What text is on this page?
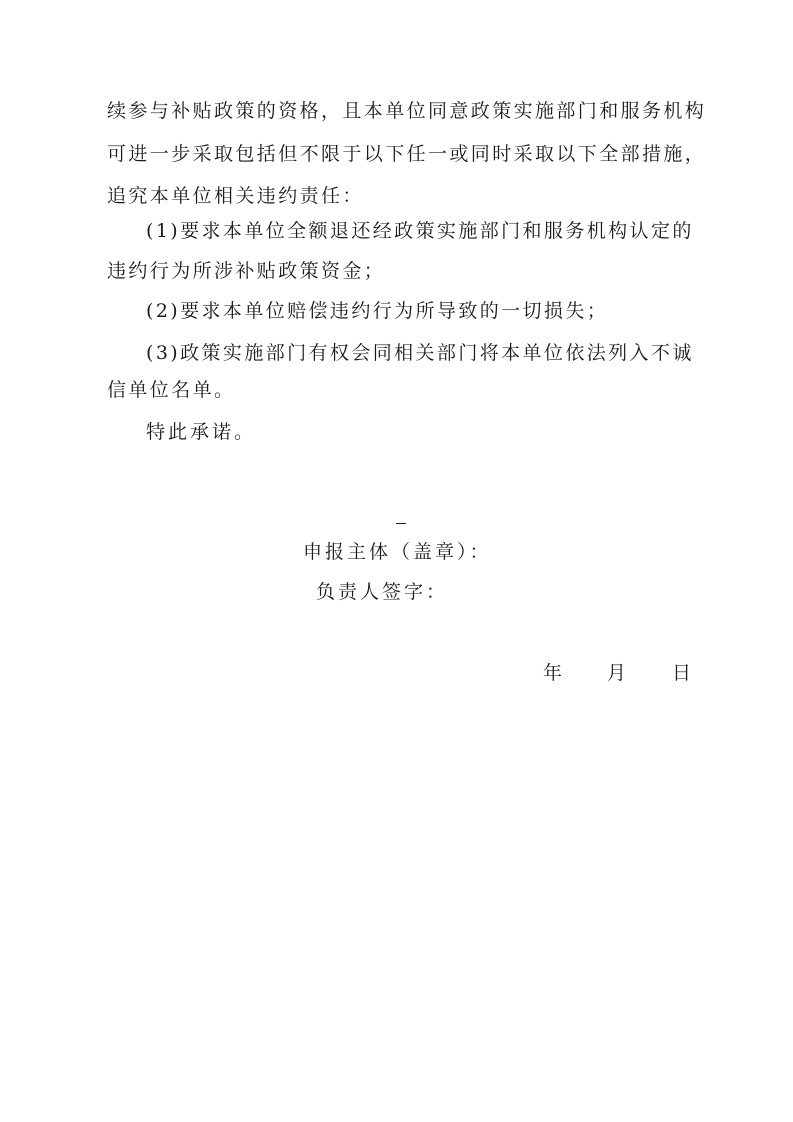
续参与补贴政策的资格，且本单位同意政策实施部门和服务机构
可进一步采取包括但不限于以下任一或同时采取以下全部措施，
追究本单位相关违约责任：
(1)要求本单位全额退还经政策实施部门和服务机构认定的
违约行为所涉补贴政策资金；
(2)要求本单位赔偿违约行为所导致的一切损失；
(3)政策实施部门有权会同相关部门将本单位依法列入不诚
信单位名单。
特此承诺。
申报主体（盖章）：
负责人签字：
年 月 日
